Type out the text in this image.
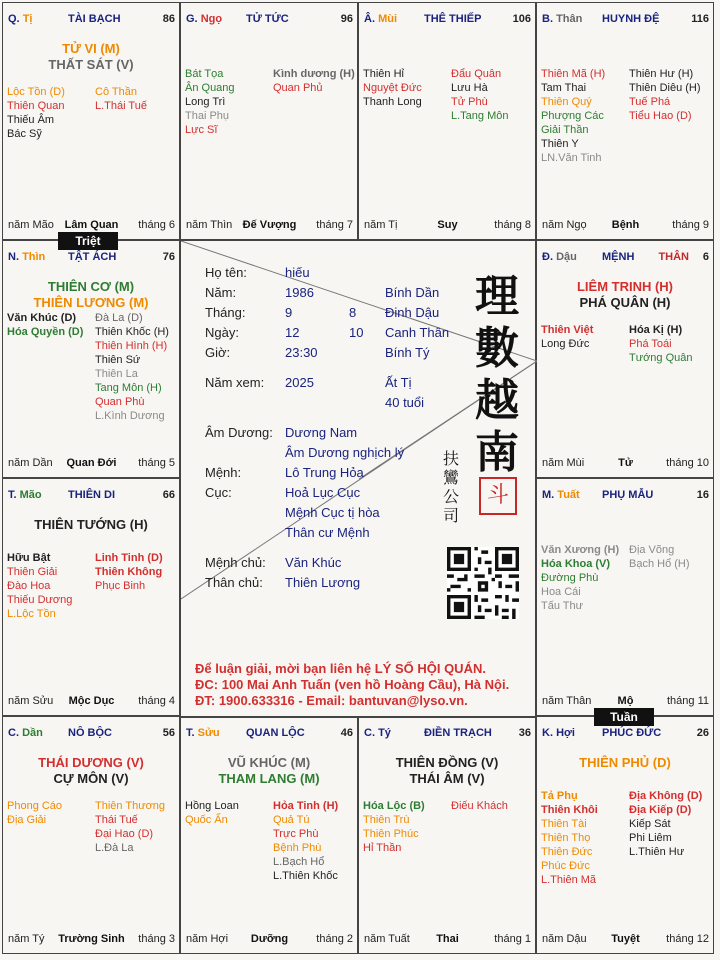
Q. Tị	TÀI BẠCH	86
TỬ VI (M)
THẤT SÁT (V)
Lộc Tồn (D)
Thiên Quan
Thiếu Âm
Bác Sỹ
Cô Thần
L.Thái Tuế
năm Mão Lâm Quan	tháng 6
G. Ngọ TỬ TỨC	96
Bát Tọa
Ân Quang
Long Trì
Thai Phụ
Lực Sĩ
Kình dương (H)
Quan Phủ
năm Thìn Đế Vượng	tháng 7
Â. Mùi THÊ THIẾP	106
Thiên Hỉ
Nguyệt Đức
Thanh Long
Đẩu Quân
Lưu Hà
Tử Phù
L.Tang Môn
năm Tị	Suy	tháng 8
B. Thân HUYNH ĐỆ	116
Thiên Mã (H)
Tam Thai
Thiên Quý
Phượng Các
Giải Thần
Thiên Y
LN.Văn Tinh
Thiên Hư (H)
Thiên Diêu (H)
Tuế Phá
Tiểu Hao (D)
năm Ngọ	Bệnh	tháng 9
N. Thìn TẬT ÁCH	76
THIÊN CƠ (M)
THIÊN LƯƠNG (M)
Văn Khúc (D)
Hóa Quyền (D)
Đà La (D)
Thiên Khốc (H)
Thiên Hình (H)
Thiên Sứ
Thiên La
Tang Môn (H)
Quan Phù
L.Kình Dương
năm Dần	Quan Đới	tháng 5
Đ. Dậu MỆNH	6
THÂN
LIÊM TRINH (H)
PHÁ QUÂN (H)
Thiên Việt
Long Đức
Hóa Kị (H)
Phá Toái
Tướng Quân
năm Mùi	Tử	tháng 10
T. Mão THIÊN DI	66
THIÊN TƯỚNG (H)
Hữu Bật
Thiên Giải
Đào Hoa
Thiếu Dương
L.Lộc Tồn
Linh Tinh (D)
Thiên Không
Phục Binh
năm Sửu	Mộc Dục	tháng 4
M. Tuất PHỤ MẪU	16
Văn Xương (H)
Hóa Khoa (V)
Đường Phù
Hoa Cái
Tấu Thư
Địa Võng
Bạch Hổ (H)
năm Thân	Mộ	tháng 11
C. Dần NÔ BỘC	56
THÁI DƯƠNG (V)
CỰ MÔN (V)
Phong Cáo
Địa Giải
Thiên Thương
Thái Tuế
Đại Hao (D)
L.Đà La
năm Tý	Trường Sinh	tháng 3
T. Sửu QUAN LỘC	46
VŨ KHÚC (M)
THAM LANG (M)
Hồng Loan
Quốc Ấn
Hỏa Tinh (H)
Quả Tú
Trực Phù
Bệnh Phù
L.Bạch Hổ
L.Thiên Khốc
năm Hợi	Dưỡng	tháng 2
C. Tý	ĐIỀN TRẠCH 36
THIÊN ĐỒNG (V)
THÁI ÂM (V)
Hóa Lộc (B)
Thiên Trù
Thiên Phúc
Hỉ Thần
Điếu Khách
năm Tuất	Thai	tháng 1
K. Hợi PHÚC ĐỨC	26
THIÊN PHỦ (D)
Tả Phụ
Thiên Khôi
Thiên Tài
Thiên Thọ
Thiên Đức
Phúc Đức
L.Thiên Mã
Địa Không (D)
Địa Kiếp (D)
Kiếp Sát
Phi Liêm
L.Thiên Hư
năm Dậu	Tuyệt	tháng 12
Triệt
Tuần
Họ tên:	hiếu
Năm:	1986	Bính Dần
Tháng:	9	8 Đinh Dậu
Ngày:	12	10 Canh Thân
Giờ:	23:30	Bính Tý
Năm xem: 2025	Ất Tị
40 tuổi
Âm Dương: Dương Nam
Âm Dương nghịch lý
Mệnh:	Lô Trung Hỏa
Cục:	Hoả Lục Cục
Mệnh Cục tị hòa
Thân cư Mệnh
Mệnh chủ: Văn Khúc
Thân chủ: Thiên Lương
理數越南
扶鸞公司
斗
Để luận giải, mời bạn liên hệ LÝ SỐ HỘI QUÁN.
ĐC: 100 Mai Anh Tuấn (ven hồ Hoàng Cầu), Hà Nội.
ĐT: 1900.633316 - Email: bantuvan@lyso.vn.
